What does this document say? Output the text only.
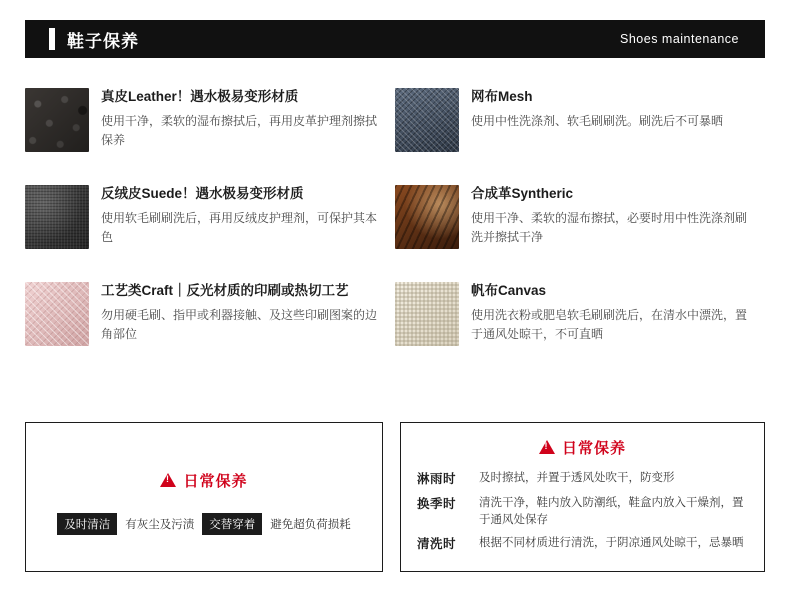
鞋子保养	Shoes maintenance

真皮Leather！遇水极易变形材质

使用干净，柔软的湿布擦拭后，再用皮革护理剂擦拭保养

网布Mesh

使用中性洗涤剂、软毛刷刷洗。刷洗后不可暴晒

反绒皮Suede！遇水极易变形材质

使用软毛刷刷洗后，再用反绒皮护理剂，可保护其本色

合成革Syntheric

使用干净、柔软的湿布擦拭，必要时用中性洗涤剂刷洗并擦拭干净

工艺类Craft｜反光材质的印刷或热切工艺

勿用硬毛刷、指甲或利器接触、及这些印刷图案的边角部位

帆布Canvas

使用洗衣粉或肥皂软毛刷刷洗后，在清水中漂洗，置于通风处晾干，不可直晒

!
日常保养
及时清洁	有灰尘及污渍	交替穿着	避免超负荷损耗
!
日常保养
淋雨时	及时擦拭，并置于透风处吹干，防变形
换季时	清洗干净，鞋内放入防潮纸，鞋盒内放入干燥剂，置于通风处保存
清洗时	根据不同材质进行清洗，于阴凉通风处晾干，忌暴晒
